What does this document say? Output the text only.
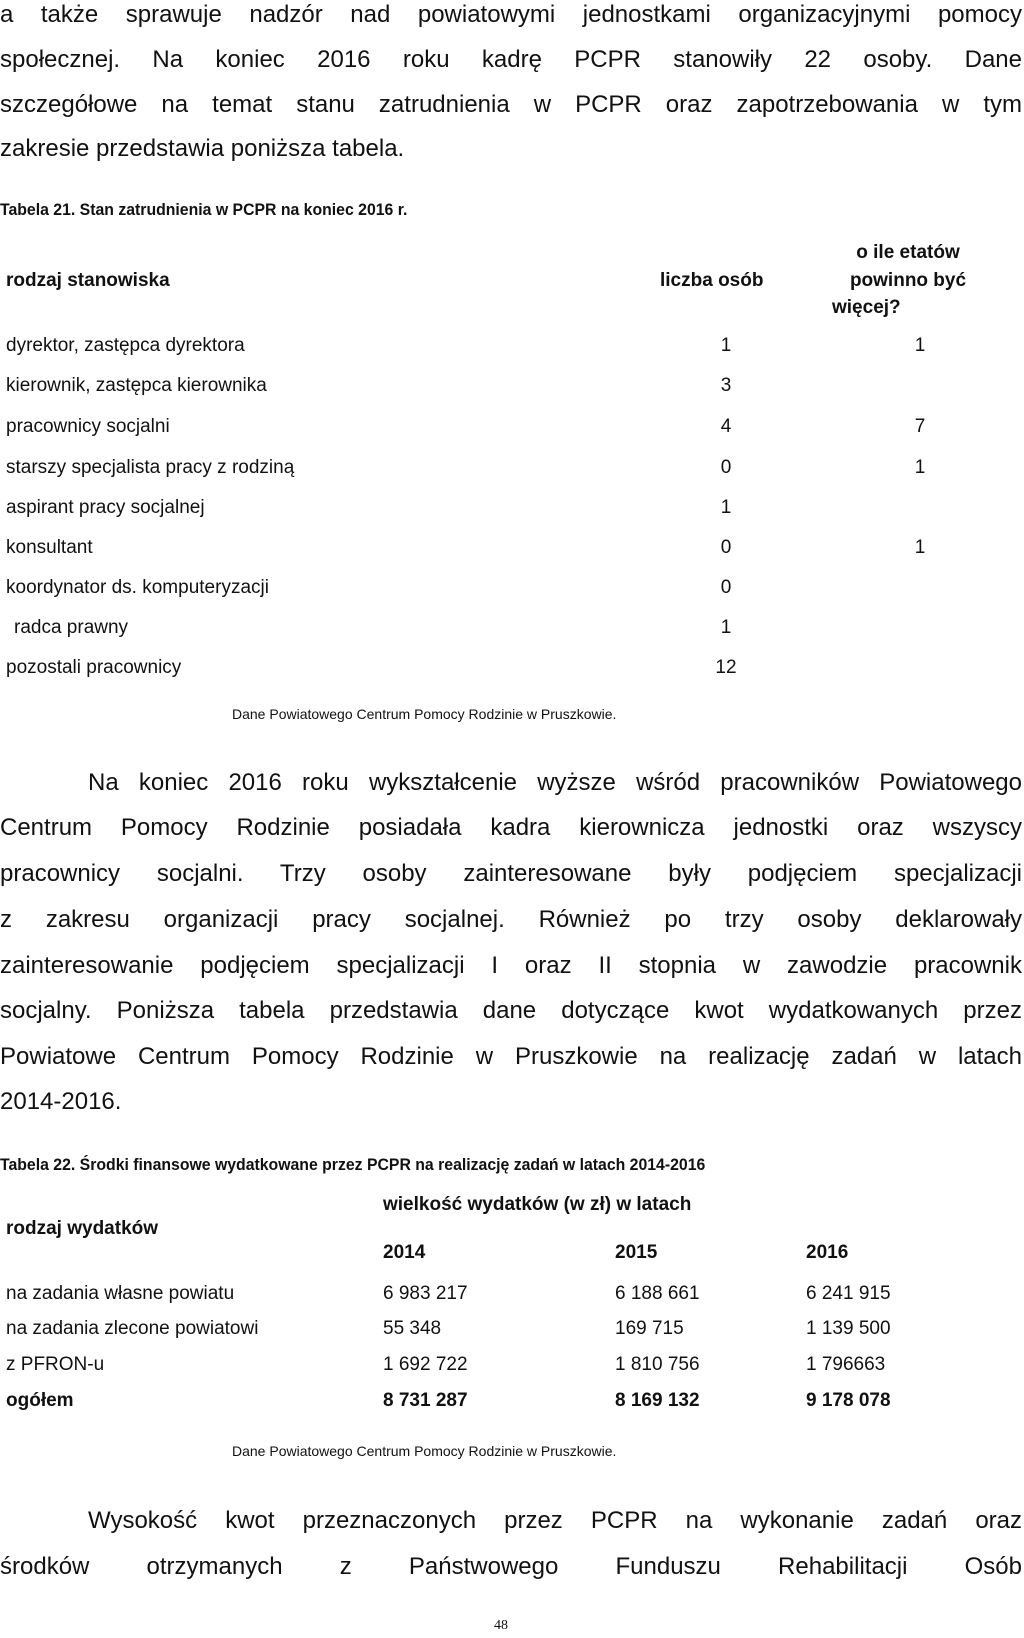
a także sprawuje nadzór nad powiatowymi jednostkami organizacyjnymi pomocy
społecznej. Na koniec 2016 roku kadrę PCPR stanowiły 22 osoby. Dane
szczegółowe na temat stanu zatrudnienia w PCPR oraz zapotrzebowania w tym
zakresie przedstawia poniższa tabela.
Tabela 21. Stan zatrudnienia w PCPR na koniec 2016 r.
rodzaj stanowiska	liczba osób
o ile etatów
powinno być
więcej?
dyrektor, zastępca dyrektora	1	1
kierownik, zastępca kierownika	3
pracownicy socjalni	4	7
starszy specjalista pracy z rodziną	0	1
aspirant pracy socjalnej	1
konsultant	0	1
koordynator ds. komputeryzacji	0
radca prawny	1
pozostali pracownicy	12
Dane Powiatowego Centrum Pomocy Rodzinie w Pruszkowie.
Na koniec 2016 roku wykształcenie wyższe wśród pracowników Powiatowego
Centrum Pomocy Rodzinie posiadała kadra kierownicza jednostki oraz wszyscy
pracownicy socjalni. Trzy osoby zainteresowane były podjęciem specjalizacji
z zakresu organizacji pracy socjalnej. Również po trzy osoby deklarowały
zainteresowanie podjęciem specjalizacji I oraz II stopnia w zawodzie pracownik
socjalny. Poniższa tabela przedstawia dane dotyczące kwot wydatkowanych przez
Powiatowe Centrum Pomocy Rodzinie w Pruszkowie na realizację zadań w latach
2014-2016.
Tabela 22. Środki finansowe wydatkowane przez PCPR na realizację zadań w latach 2014-2016
rodzaj wydatków
wielkość wydatków (w zł) w latach
2014	2015	2016
na zadania własne powiatu	6 983 217	6 188 661	6 241 915
na zadania zlecone powiatowi	55 348	169 715	1 139 500
z PFRON-u	1 692 722	1 810 756	1 796663
ogółem	8 731 287	8 169 132	9 178 078
Dane Powiatowego Centrum Pomocy Rodzinie w Pruszkowie.
Wysokość kwot przeznaczonych przez PCPR na wykonanie zadań oraz
środków otrzymanych z Państwowego Funduszu Rehabilitacji Osób
48
